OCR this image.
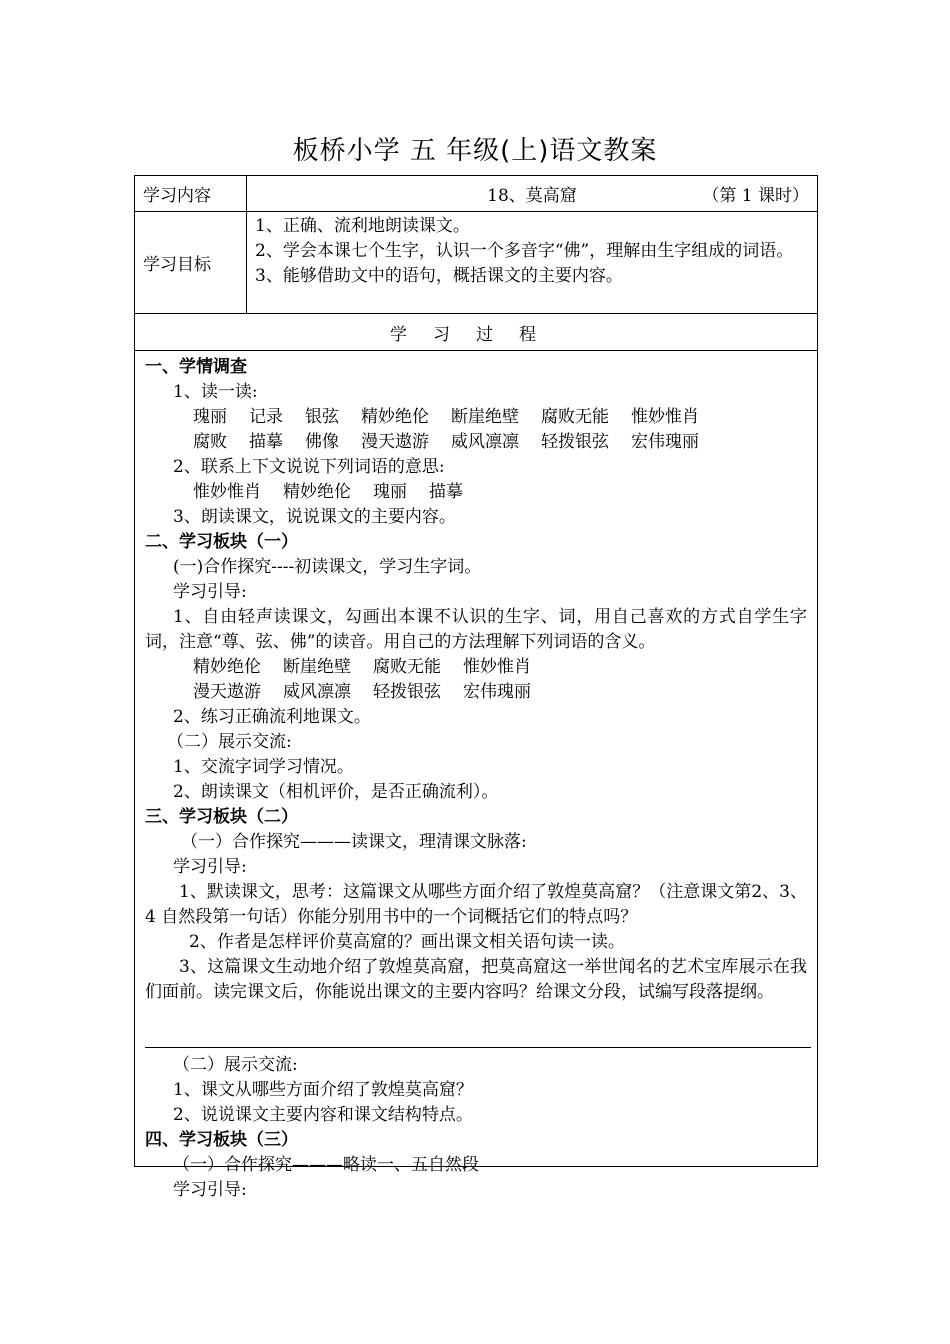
板桥小学 五 年级(上)语文教案
学习内容	18、莫高窟	（第 1 课时）
学习目标
1、正确、流利地朗读课文。
2、学会本课七个生字，认识一个多音字“佛”，理解由生字组成的词语。
3、能够借助文中的语句，概括课文的主要内容。
学习过程
一、学情调查
1、读一读:
瑰丽 记录 银弦 精妙绝伦 断崖绝壁 腐败无能 惟妙惟肖
腐败 描摹 佛像 漫天遨游 威风凛凛 轻拨银弦 宏伟瑰丽
2、联系上下文说说下列词语的意思:
惟妙惟肖 精妙绝伦 瑰丽 描摹
3、朗读课文，说说课文的主要内容。
二、学习板块（一）
(一)合作探究----初读课文，学习生字词。
学习引导:
1、自由轻声读课文，勾画出本课不认识的生字、词，用自己喜欢的方式自学生字词，注意“尊、弦、佛”的读音。用自己的方法理解下列词语的含义。
精妙绝伦 断崖绝壁 腐败无能 惟妙惟肖
漫天遨游 威风凛凛 轻拨银弦 宏伟瑰丽
2、练习正确流利地课文。
（二）展示交流:
1、交流字词学习情况。
2、朗读课文（相机评价，是否正确流利）。
三、学习板块（二）
（一）合作探究———读课文，理清课文脉落:
学习引导:
1、默读课文，思考：这篇课文从哪些方面介绍了敦煌莫高窟？（注意课文第2、3、4 自然段第一句话）你能分别用书中的一个词概括它们的特点吗？
2、作者是怎样评价莫高窟的？画出课文相关语句读一读。
3、这篇课文生动地介绍了敦煌莫高窟，把莫高窟这一举世闻名的艺术宝库展示在我们面前。读完课文后，你能说出课文的主要内容吗？给课文分段，试编写段落提纲。
（二）展示交流:
1、课文从哪些方面介绍了敦煌莫高窟？
2、说说课文主要内容和课文结构特点。
四、学习板块（三）
（一）合作探究———略读一、五自然段
学习引导:
